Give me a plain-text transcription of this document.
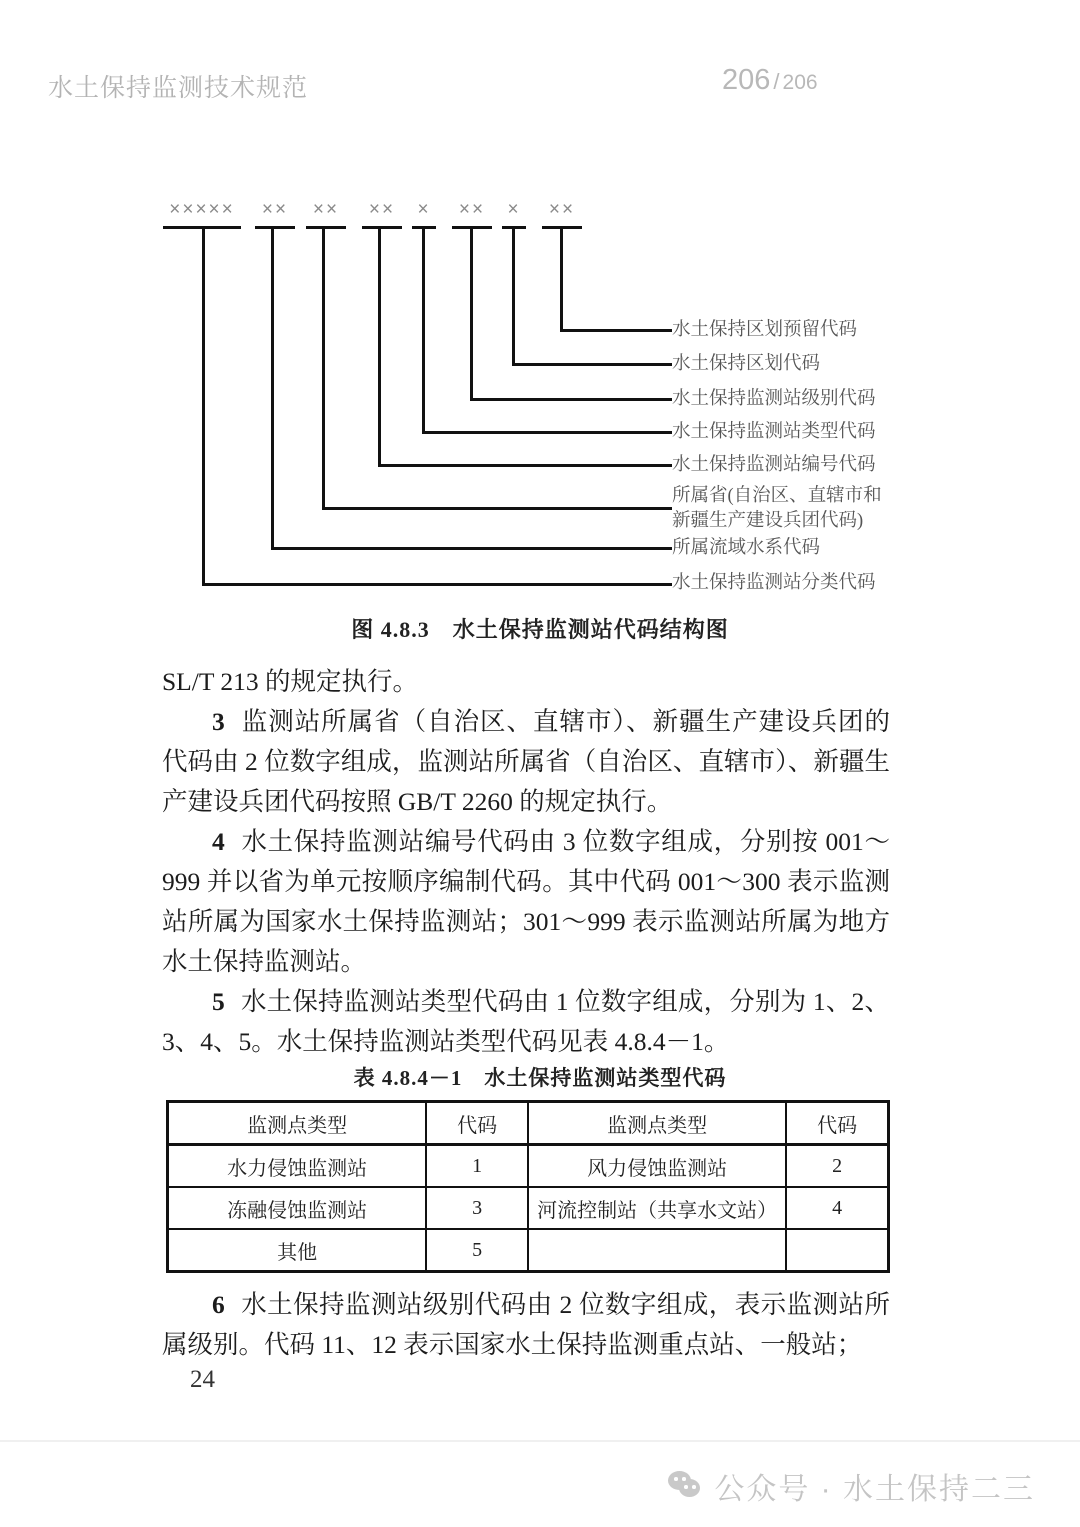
水土保持监测技术规范	206 / 206
×××××	××	××	××	×	××	×	××
水土保持区划预留代码
水土保持区划代码
水土保持监测站级别代码
水土保持监测站类型代码
水土保持监测站编号代码
所属省(自治区、直辖市和
新疆生产建设兵团代码)
所属流域水系代码
水土保持监测站分类代码
图 4.8.3　水土保持监测站代码结构图
SL/T 213 的规定执行。
3 监测站所属省（自治区、直辖市）、新疆生产建设兵团的代码由 2 位数字组成，监测站所属省（自治区、直辖市）、新疆生产建设兵团代码按照 GB/T 2260 的规定执行。
4 水土保持监测站编号代码由 3 位数字组成，分别按 001～999 并以省为单元按顺序编制代码。其中代码 001～300 表示监测站所属为国家水土保持监测站；301～999 表示监测站所属为地方水土保持监测站。
5 水土保持监测站类型代码由 1 位数字组成，分别为 1、2、3、4、5。水土保持监测站类型代码见表 4.8.4－1。
表 4.8.4－1　水土保持监测站类型代码
监测点类型	代码	监测点类型	代码
水力侵蚀监测站	1	风力侵蚀监测站	2
冻融侵蚀监测站	3	河流控制站（共享水文站）	4
其他	5		
6 水土保持监测站级别代码由 2 位数字组成，表示监测站所属级别。代码 11、12 表示国家水土保持监测重点站、一般站；
24
公众号 · 水土保持二三
